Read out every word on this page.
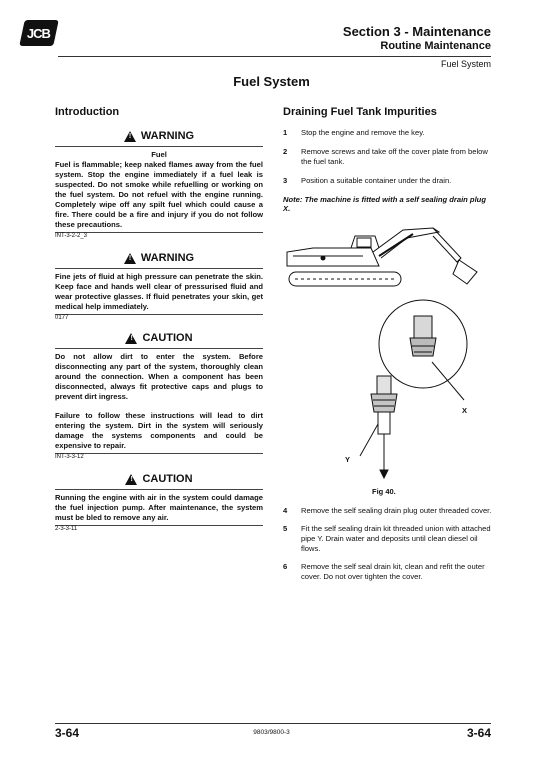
JCB	Section 3 - Maintenance
Routine Maintenance
Fuel System
Fuel System
Introduction
! WARNING
Fuel
Fuel is flammable; keep naked flames away from the fuel system. Stop the engine immediately if a fuel leak is suspected. Do not smoke while refuelling or working on the fuel system. Do not refuel with the engine running. Completely wipe off any spilt fuel which could cause a fire. There could be a fire and injury if you do not follow these precautions.
INT-3-2-2_3
! WARNING
Fine jets of fluid at high pressure can penetrate the skin. Keep face and hands well clear of pressurised fluid and wear protective glasses. If fluid penetrates your skin, get medical help immediately.
0177
! CAUTION
Do not allow dirt to enter the system. Before disconnecting any part of the system, thoroughly clean around the connection. When a component has been disconnected, always fit protective caps and plugs to prevent dirt ingress.
Failure to follow these instructions will lead to dirt entering the system. Dirt in the system will seriously damage the systems components and could be expensive to repair.
INT-3-3-12
! CAUTION
Running the engine with air in the system could damage the fuel injection pump. After maintenance, the system must be bled to remove any air.
2-3-3-11
Draining Fuel Tank Impurities
1	Stop the engine and remove the key.
2	Remove screws and take off the cover plate from below the fuel tank.
3	Position a suitable container under the drain.
Note: The machine is fitted with a self sealing drain plug X.
X
Y
Fig 40.
4	Remove the self sealing drain plug outer threaded cover.
5	Fit the self sealing drain kit threaded union with attached pipe Y. Drain water and deposits until clean diesel oil flows.
6	Remove the self seal drain kit, clean and refit the outer cover. Do not over tighten the cover.
3-64	9803/9800-3	3-64
